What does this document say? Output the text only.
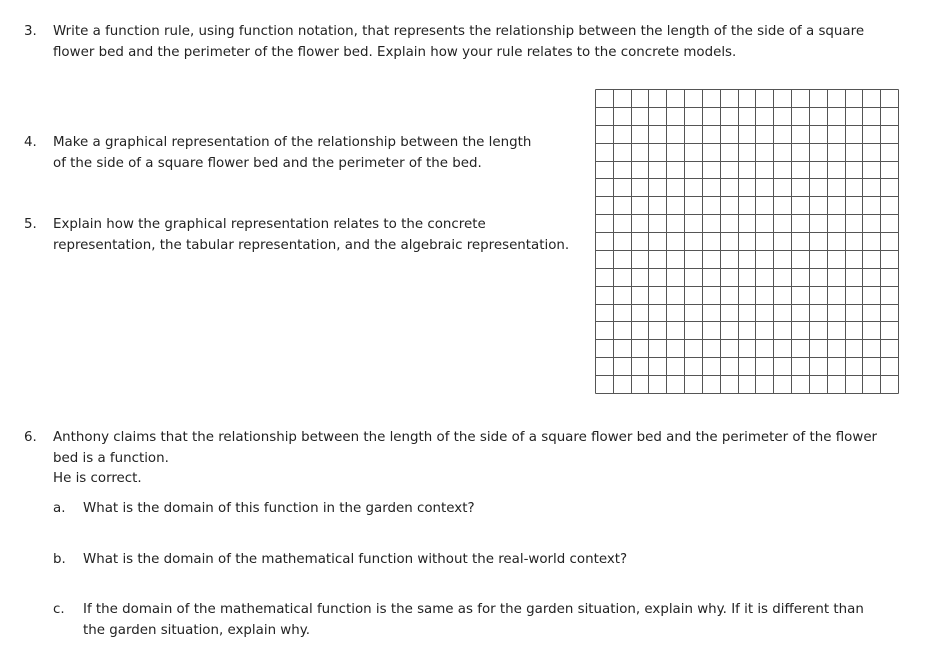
3.	Write a function rule, using function notation, that represents the relationship between the length of the side of a square
flower bed and the perimeter of the flower bed. Explain how your rule relates to the concrete models.
4.	Make a graphical representation of the relationship between the length
of the side of a square flower bed and the perimeter of the bed.
5.	Explain how the graphical representation relates to the concrete
representation, the tabular representation, and the algebraic representation.
6.	Anthony claims that the relationship between the length of the side of a square flower bed and the perimeter of the flower
bed is a function.
He is correct.
a. What is the domain of this function in the garden context?
b. What is the domain of the mathematical function without the real-world context?
c. If the domain of the mathematical function is the same as for the garden situation, explain why. If it is different than
the garden situation, explain why.
